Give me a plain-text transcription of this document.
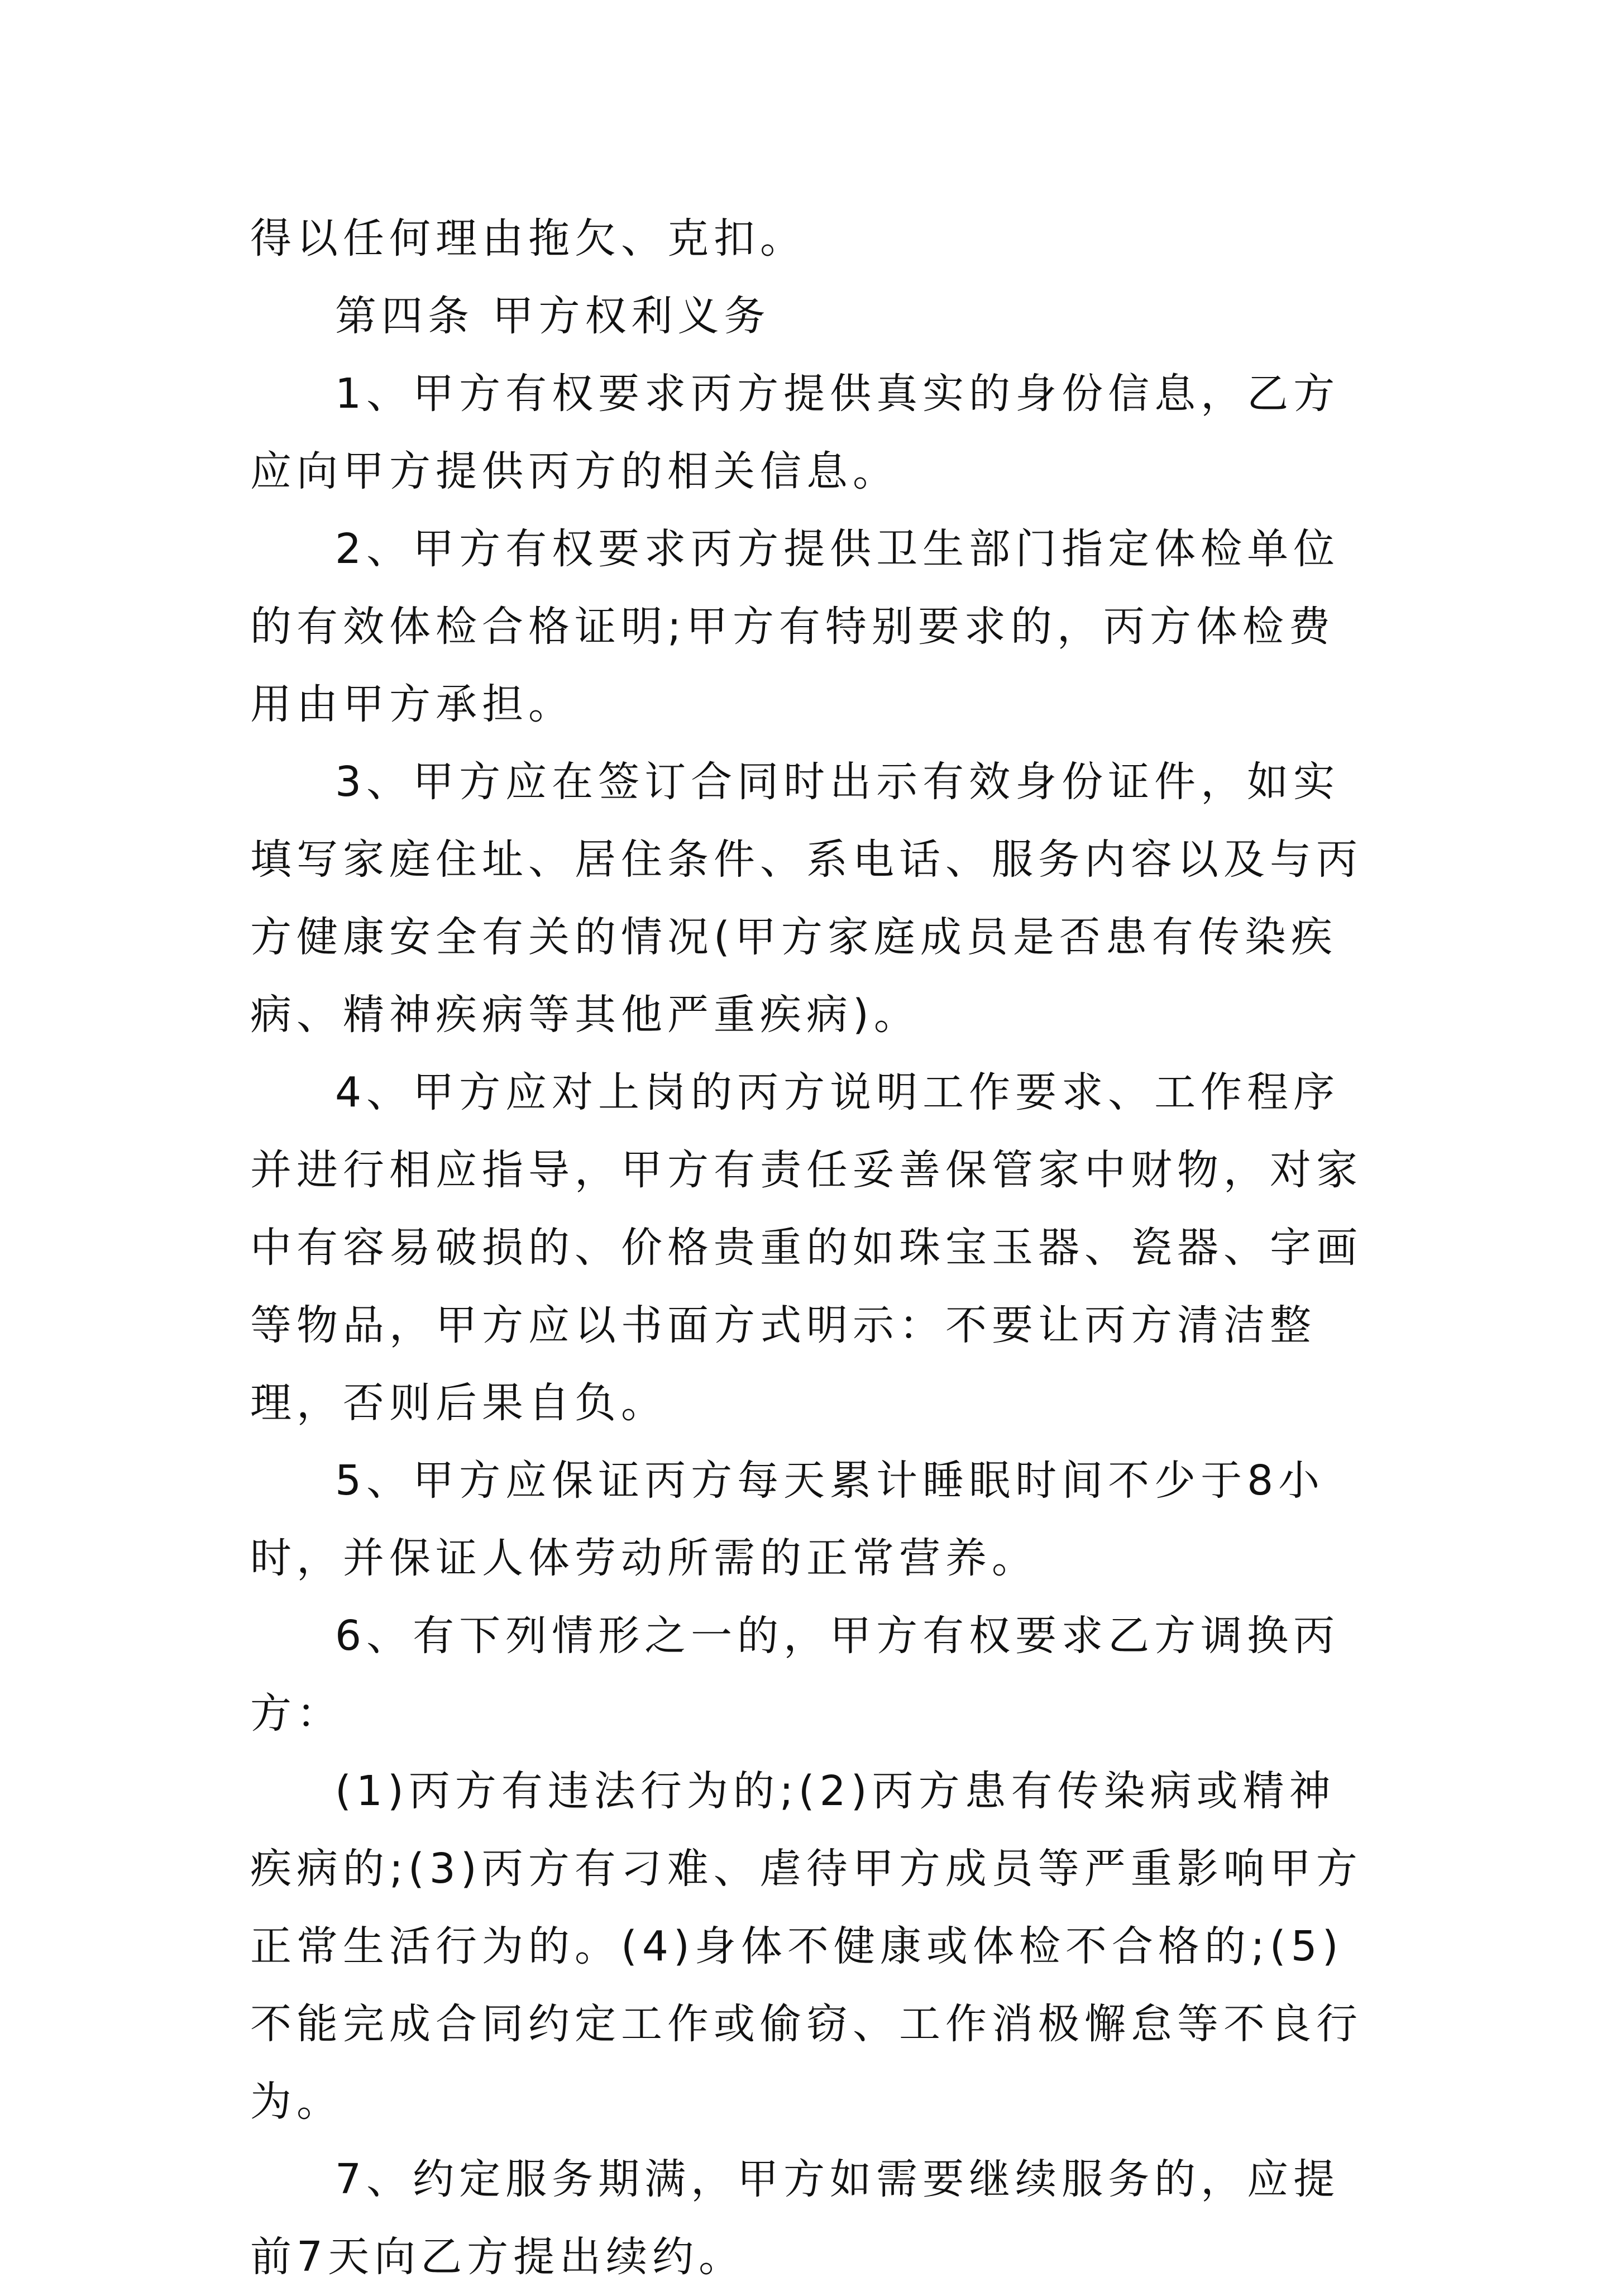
得以任何理由拖欠、克扣。

第四条 甲方权利义务

1、甲方有权要求丙方提供真实的身份信息，乙方应向甲方提供丙方的相关信息。

2、甲方有权要求丙方提供卫生部门指定体检单位的有效体检合格证明;甲方有特别要求的，丙方体检费用由甲方承担。

3、甲方应在签订合同时出示有效身份证件，如实填写家庭住址、居住条件、系电话、服务内容以及与丙方健康安全有关的情况(甲方家庭成员是否患有传染疾病、精神疾病等其他严重疾病)。

4、甲方应对上岗的丙方说明工作要求、工作程序并进行相应指导，甲方有责任妥善保管家中财物，对家中有容易破损的、价格贵重的如珠宝玉器、瓷器、字画等物品，甲方应以书面方式明示：不要让丙方清洁整理，否则后果自负。

5、甲方应保证丙方每天累计睡眠时间不少于8小时，并保证人体劳动所需的正常营养。

6、有下列情形之一的，甲方有权要求乙方调换丙方：

(1)丙方有违法行为的;(2)丙方患有传染病或精神疾病的;(3)丙方有刁难、虐待甲方成员等严重影响甲方正常生活行为的。(4)身体不健康或体检不合格的;(5)不能完成合同约定工作或偷窃、工作消极懈怠等不良行为。

7、约定服务期满，甲方如需要继续服务的，应提前7天向乙方提出续约。
